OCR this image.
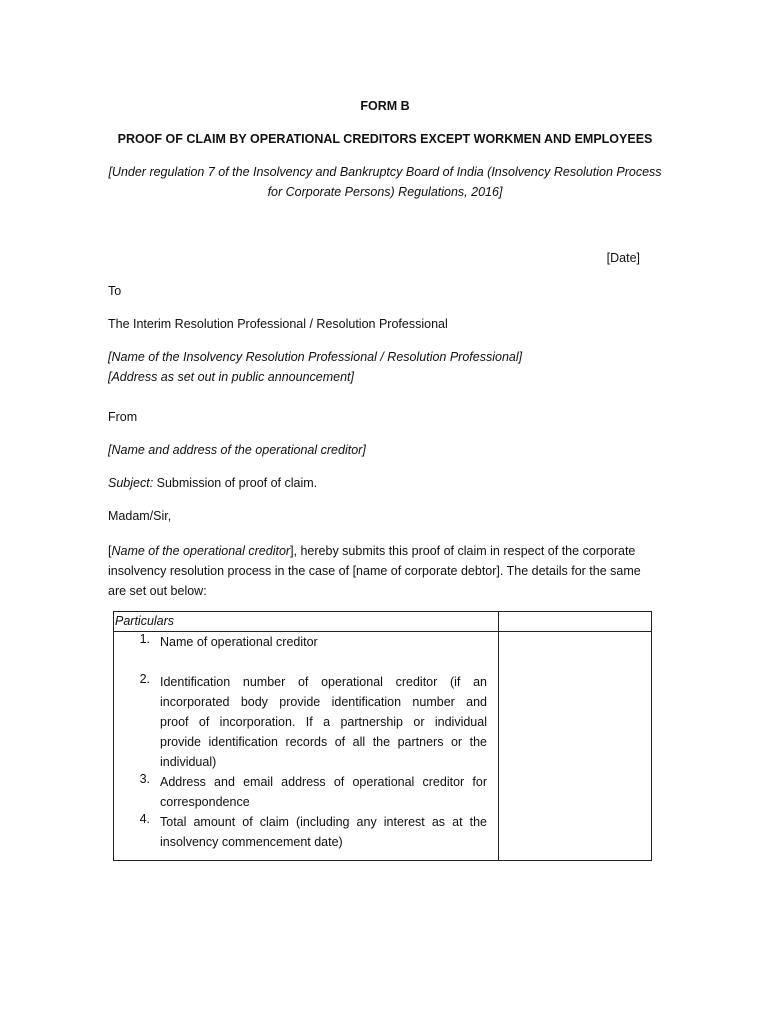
FORM B
PROOF OF CLAIM BY OPERATIONAL CREDITORS EXCEPT WORKMEN AND EMPLOYEES
[Under regulation 7 of the Insolvency and Bankruptcy Board of India (Insolvency Resolution Process
for Corporate Persons) Regulations, 2016]
[Date]
To
The Interim Resolution Professional / Resolution Professional
[Name of the Insolvency Resolution Professional / Resolution Professional]
[Address as set out in public announcement]
From
[Name and address of the operational creditor]
Subject: Submission of proof of claim.
Madam/Sir,
[Name of the operational creditor], hereby submits this proof of claim in respect of the corporate
insolvency resolution process in the case of [name of corporate debtor]. The details for the same
are set out below:
Particulars
1. Name of operational creditor
2. Identification number of operational creditor (if an
incorporated body provide identification number and
proof of incorporation. If a partnership or individual
provide identification records of all the partners or the
individual)
3. Address and email address of operational creditor for
correspondence
4. Total amount of claim (including any interest as at the
insolvency commencement date)
